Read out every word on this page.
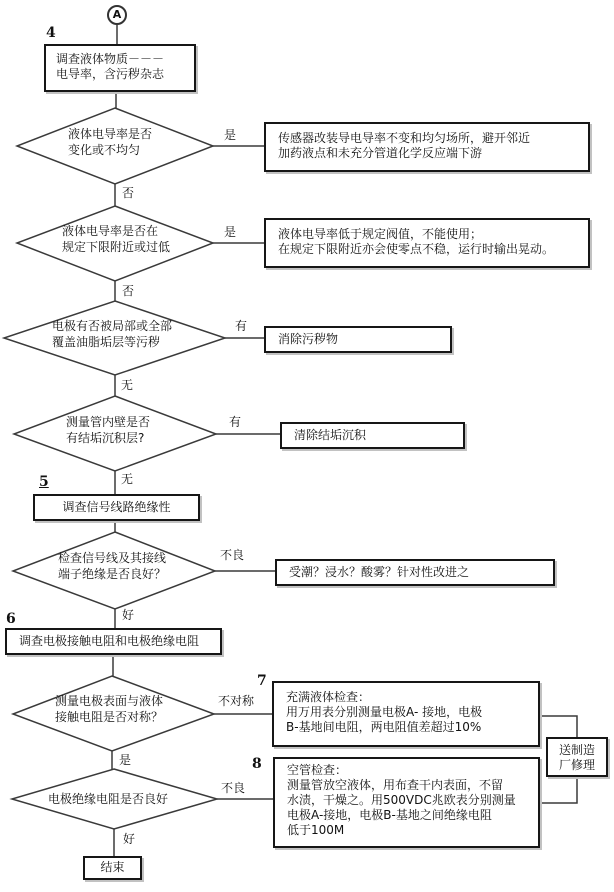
A
4
调查液体物质－－－
电导率，含污秽杂志
液体电导率是否
变化或不均匀
是
否
传感器改装导电导率不变和均匀场所，避开邻近
加药液点和未充分管道化学反应端下游
液体电导率是否在
规定下限附近或过低
是
否
液体电导率低于规定阀值，不能使用；
在规定下限附近亦会使零点不稳，运行时输出晃动。
电极有否被局部或全部
覆盖油脂垢层等污秽
有
无
消除污秽物
测量管内壁是否
有结垢沉积层?
有
无
清除结垢沉积
5
调查信号线路绝缘性
检查信号线及其接线
端子绝缘是否良好？
不良
好
受潮？浸水？酸雾？针对性改进之
6
调查电极接触电阻和电极绝缘电阻
测量电极表面与液体
接触电阻是否对称？
不对称
是
7
充满液体检查：
用万用表分别测量电极A- 接地，电极
B-基地间电阻，两电阻值差超过10%
送制造
厂修理
电极绝缘电阻是否良好
不良
好
8 空管检查：
测量管放空液体，用布查干内表面，不留
水渍，干燥之。用500VDC兆欧表分别测量
电极A-接地，电极B-基地之间绝缘电阻
低于100M
结束
